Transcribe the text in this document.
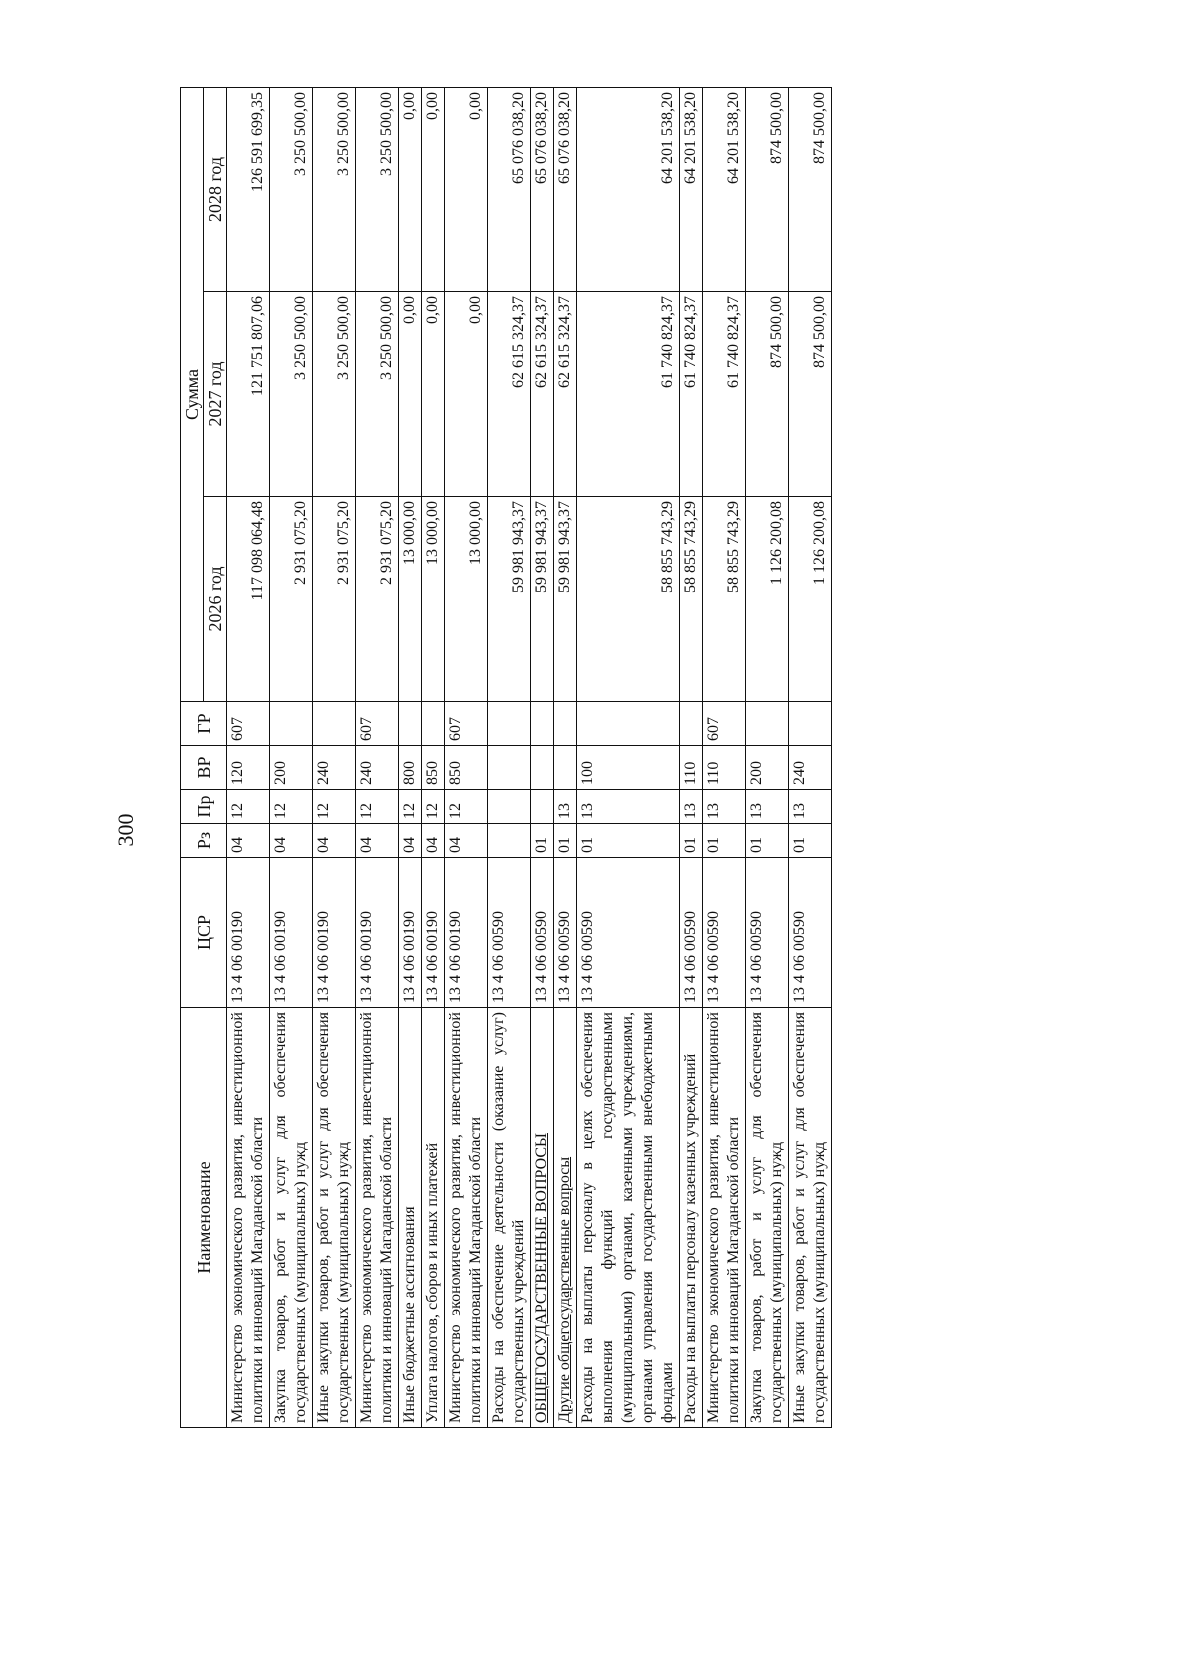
300
Наименование	ЦСР	Рз	Пр	ВР	ГР	Сумма		
						2026 год	2027 год	2028 год
Министерство экономического развития, инвестиционной политики и инноваций Магаданской области	13 4 06 00190	04	12	120	607	117 098 064,48	121 751 807,06	126 591 699,35
Закупка товаров, работ и услуг для обеспечения государственных (муниципальных) нужд	13 4 06 00190	04	12	200		2 931 075,20	3 250 500,00	3 250 500,00
Иные закупки товаров, работ и услуг для обеспечения государственных (муниципальных) нужд	13 4 06 00190	04	12	240		2 931 075,20	3 250 500,00	3 250 500,00
Министерство экономического развития, инвестиционной политики и инноваций Магаданской области	13 4 06 00190	04	12	240	607	2 931 075,20	3 250 500,00	3 250 500,00
Иные бюджетные ассигнования	13 4 06 00190	04	12	800		13 000,00	0,00	0,00
Уплата налогов, сборов и иных платежей	13 4 06 00190	04	12	850		13 000,00	0,00	0,00
Министерство экономического развития, инвестиционной политики и инноваций Магаданской области	13 4 06 00190	04	12	850	607	13 000,00	0,00	0,00
Расходы на обеспечение деятельности (оказание услуг) государственных учреждений	13 4 06 00590					59 981 943,37	62 615 324,37	65 076 038,20
ОБЩЕГОСУДАРСТВЕННЫЕ ВОПРОСЫ	13 4 06 00590	01				59 981 943,37	62 615 324,37	65 076 038,20
Другие общегосударственные вопросы	13 4 06 00590	01	13			59 981 943,37	62 615 324,37	65 076 038,20
Расходы на выплаты персоналу в целях обеспечения выполнения функций государственными (муниципальными) органами, казенными учреждениями, органами управления государственными внебюджетными фондами	13 4 06 00590	01	13	100		58 855 743,29	61 740 824,37	64 201 538,20
Расходы на выплаты персоналу казенных учреждений	13 4 06 00590	01	13	110		58 855 743,29	61 740 824,37	64 201 538,20
Министерство экономического развития, инвестиционной политики и инноваций Магаданской области	13 4 06 00590	01	13	110	607	58 855 743,29	61 740 824,37	64 201 538,20
Закупка товаров, работ и услуг для обеспечения государственных (муниципальных) нужд	13 4 06 00590	01	13	200		1 126 200,08	874 500,00	874 500,00
Иные закупки товаров, работ и услуг для обеспечения государственных (муниципальных) нужд	13 4 06 00590	01	13	240		1 126 200,08	874 500,00	874 500,00
